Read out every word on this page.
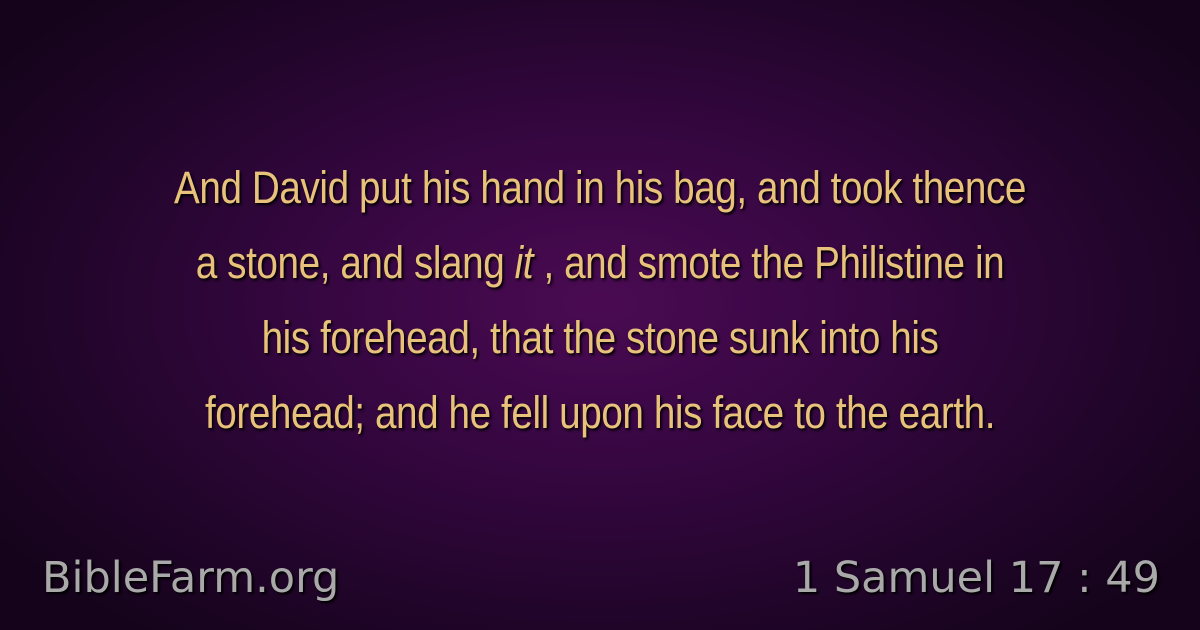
And David put his hand in his bag, and took thence
a stone, and slang it , and smote the Philistine in
his forehead, that the stone sunk into his
forehead; and he fell upon his face to the earth.

BibleFarm.org	1 Samuel 17 : 49
